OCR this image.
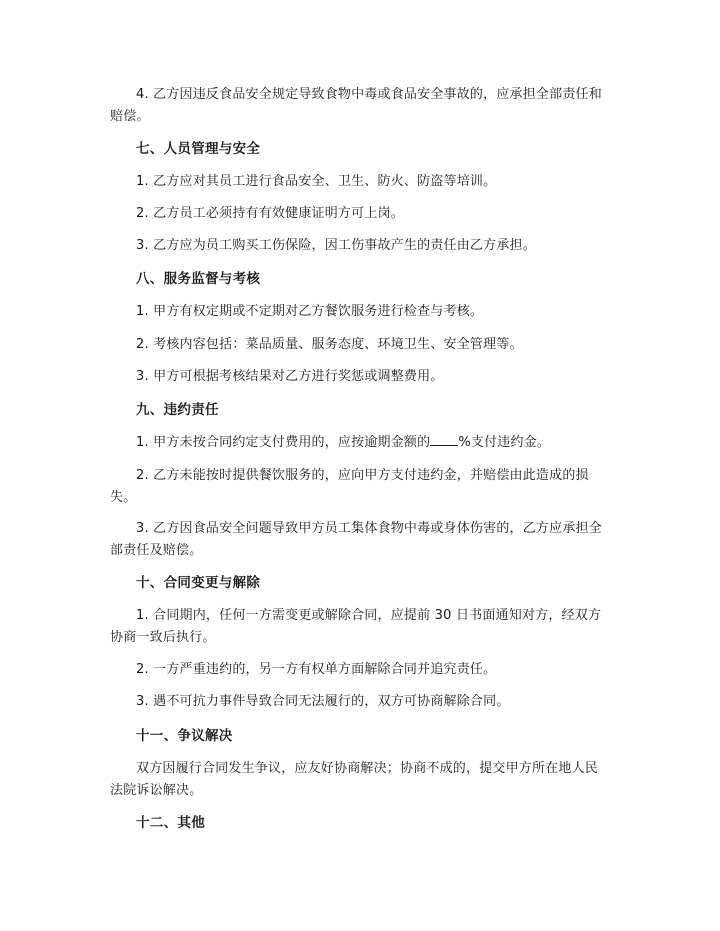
4. 乙方因违反食品安全规定导致食物中毒或食品安全事故的，应承担全部责任和赔偿。

七、人员管理与安全

1. 乙方应对其员工进行食品安全、卫生、防火、防盗等培训。

2. 乙方员工必须持有有效健康证明方可上岗。

3. 乙方应为员工购买工伤保险，因工伤事故产生的责任由乙方承担。

八、服务监督与考核

1. 甲方有权定期或不定期对乙方餐饮服务进行检查与考核。

2. 考核内容包括：菜品质量、服务态度、环境卫生、安全管理等。

3. 甲方可根据考核结果对乙方进行奖惩或调整费用。

九、违约责任

1. 甲方未按合同约定支付费用的，应按逾期金额的 %支付违约金。

2. 乙方未能按时提供餐饮服务的，应向甲方支付违约金，并赔偿由此造成的损失。

3. 乙方因食品安全问题导致甲方员工集体食物中毒或身体伤害的，乙方应承担全部责任及赔偿。

十、合同变更与解除

1. 合同期内，任何一方需变更或解除合同，应提前 30 日书面通知对方，经双方协商一致后执行。

2. 一方严重违约的，另一方有权单方面解除合同并追究责任。

3. 遇不可抗力事件导致合同无法履行的，双方可协商解除合同。

十一、争议解决

双方因履行合同发生争议，应友好协商解决；协商不成的，提交甲方所在地人民法院诉讼解决。

十二、其他
